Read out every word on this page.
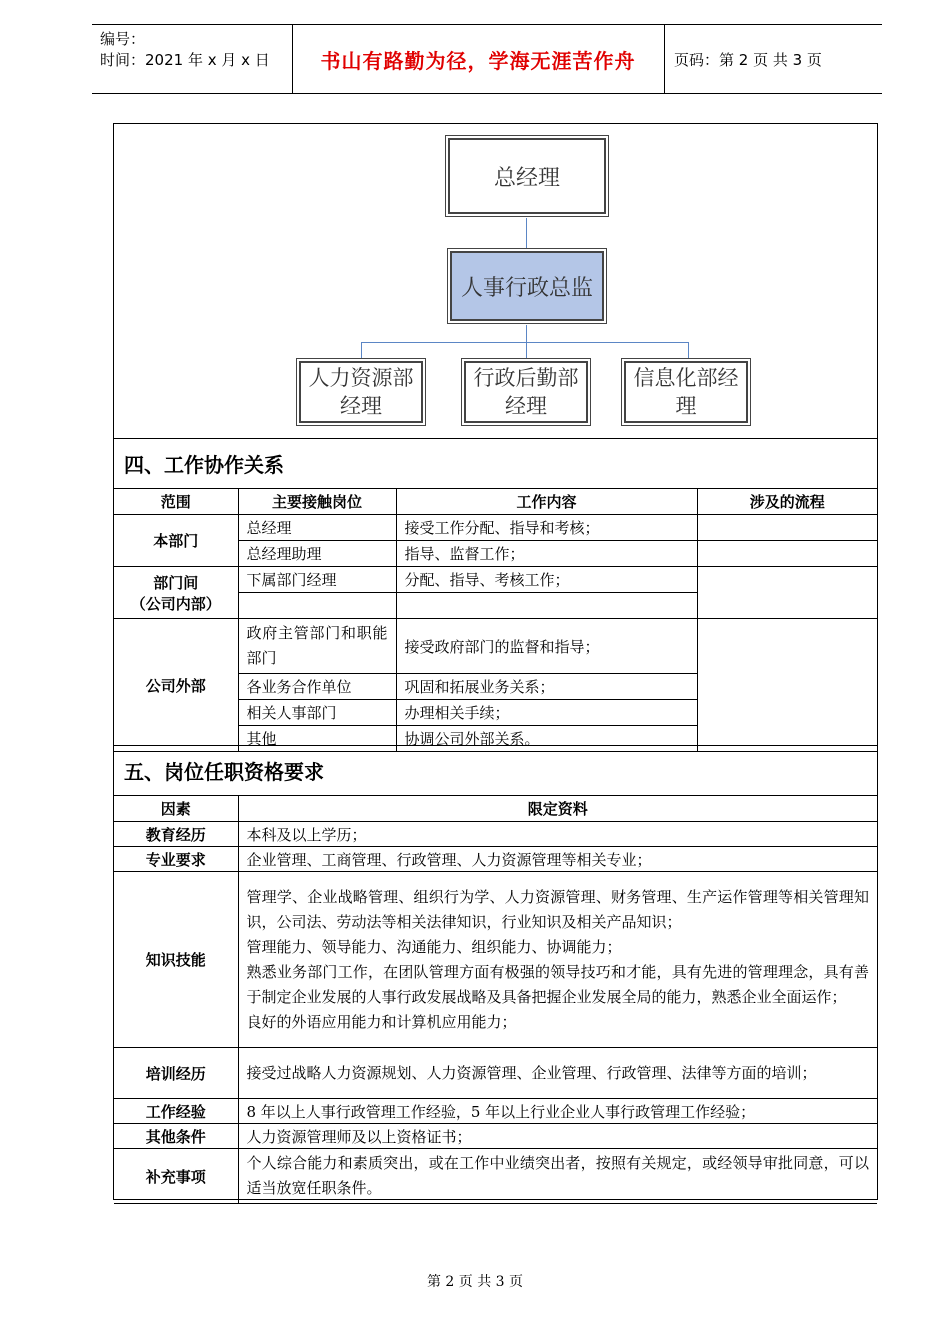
编号：
时间：2021 年 x 月 x 日	书山有路勤为径，学海无涯苦作舟	页码：第 2 页 共 3 页
总经理
人事行政总监
人力资源部
经理
行政后勤部
经理
信息化部经
理
四、工作协作关系
范围	主要接触岗位	工作内容	涉及的流程
本部门	总经理	接受工作分配、指导和考核；	
	总经理助理	指导、监督工作；	

部门间
（公司内部）	下属部门经理	分配、指导、考核工作；	

公司外部	政府主管部门和职能部门	接受政府部门的监督和指导；	
	各业务合作单位	巩固和拓展业务关系；	
	相关人事部门	办理相关手续；	
	其他	协调公司外部关系。	
五、岗位任职资格要求
因素	限定资料
教育经历	本科及以上学历；
专业要求	企业管理、工商管理、行政管理、人力资源管理等相关专业；
知识技能	管理学、企业战略管理、组织行为学、人力资源管理、财务管理、生产运作管理等相关管理知识，公司法、劳动法等相关法律知识，行业知识及相关产品知识；
管理能力、领导能力、沟通能力、组织能力、协调能力；
熟悉业务部门工作，在团队管理方面有极强的领导技巧和才能，具有先进的管理理念，具有善于制定企业发展的人事行政发展战略及具备把握企业发展全局的能力，熟悉企业全面运作；
良好的外语应用能力和计算机应用能力；

培训经历	接受过战略人力资源规划、人力资源管理、企业管理、行政管理、法律等方面的培训；
工作经验	8 年以上人事行政管理工作经验，5 年以上行业企业人事行政管理工作经验；
其他条件	人力资源管理师及以上资格证书；
补充事项	个人综合能力和素质突出，或在工作中业绩突出者，按照有关规定，或经领导审批同意，可以适当放宽任职条件。
第 2 页 共 3 页
